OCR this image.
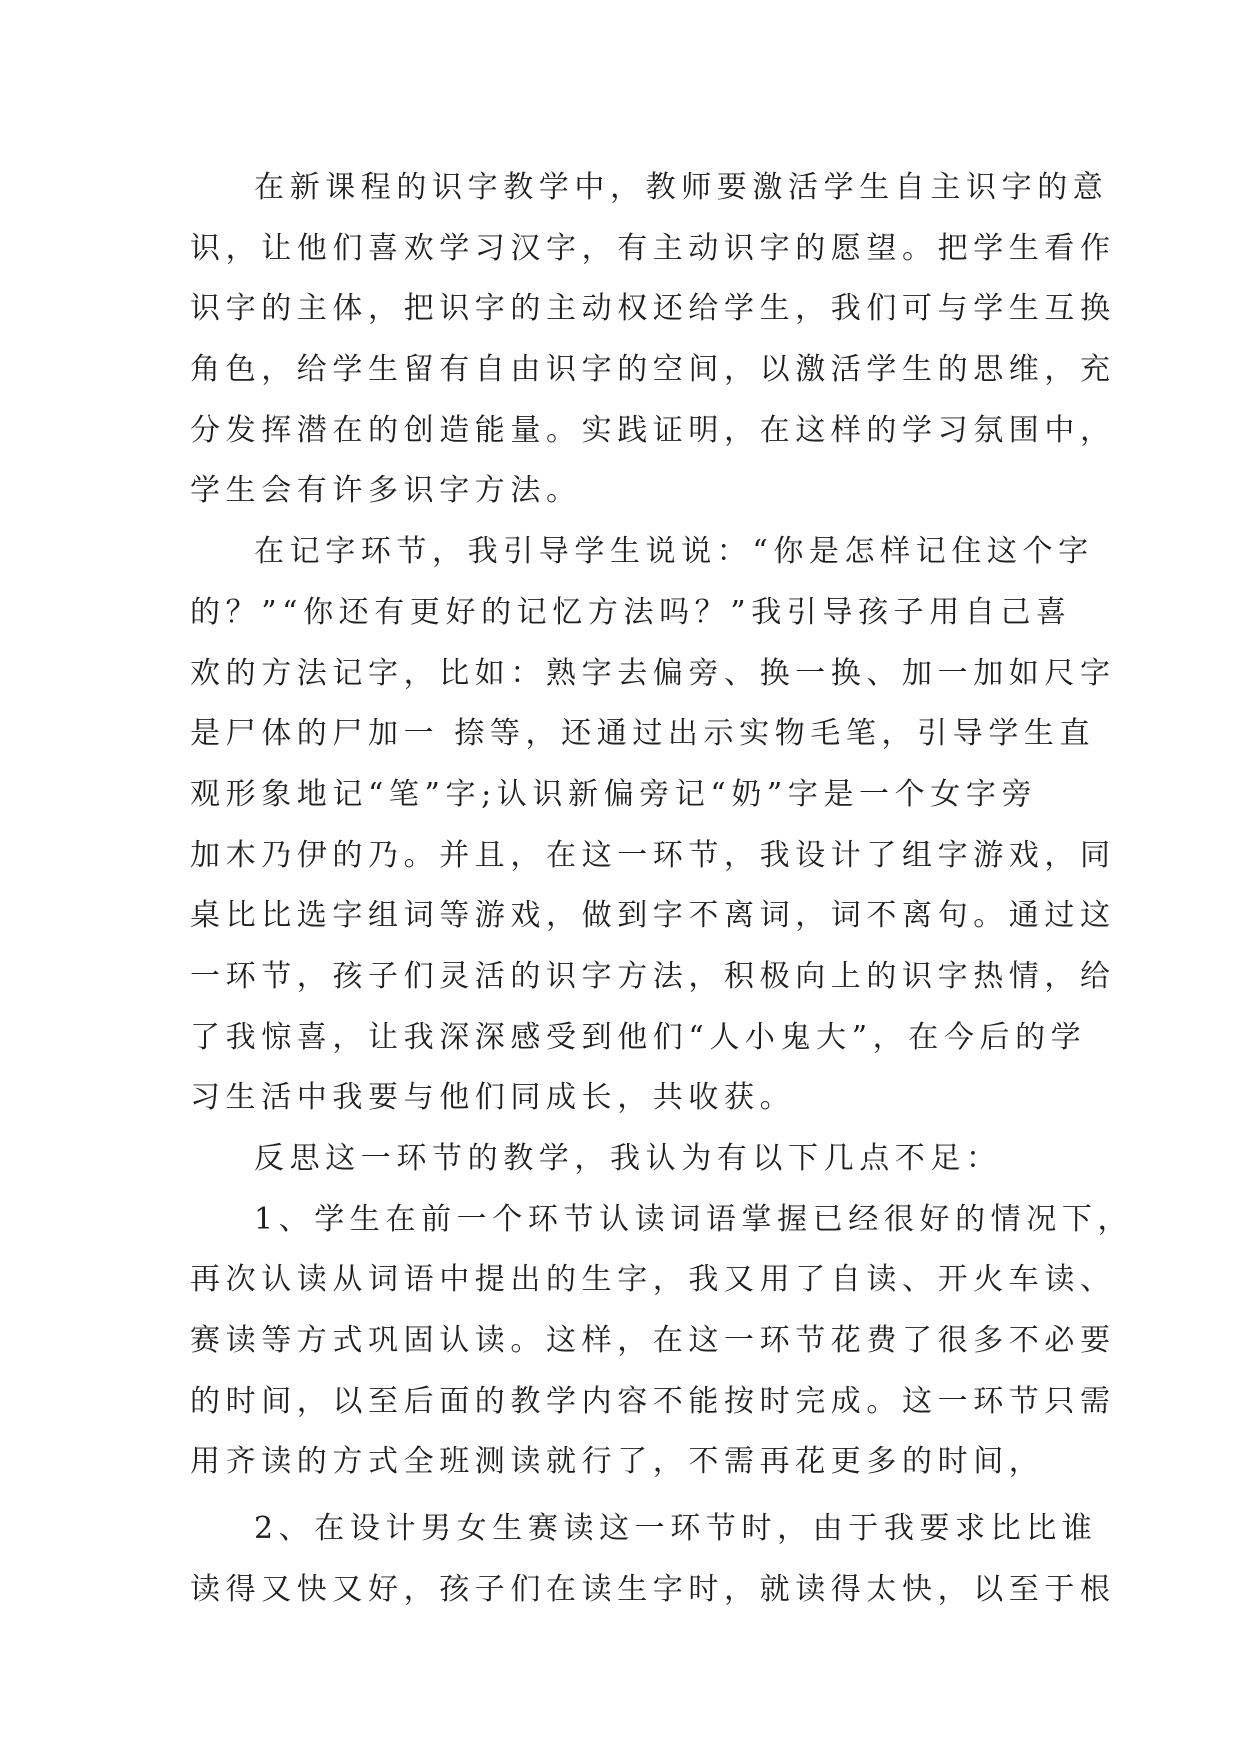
在新课程的识字教学中，教师要激活学生自主识字的意
识，让他们喜欢学习汉字，有主动识字的愿望。把学生看作
识字的主体，把识字的主动权还给学生，我们可与学生互换
角色，给学生留有自由识字的空间，以激活学生的思维，充
分发挥潜在的创造能量。实践证明，在这样的学习氛围中，
学生会有许多识字方法。
在记字环节，我引导学生说说：“你是怎样记住这个字
的？”“你还有更好的记忆方法吗？”我引导孩子用自己喜
欢的方法记字，比如：熟字去偏旁、换一换、加一加如尺字
是尸体的尸加一 捺等，还通过出示实物毛笔，引导学生直
观形象地记“笔”字;认识新偏旁记“奶”字是一个女字旁
加木乃伊的乃。并且，在这一环节，我设计了组字游戏，同
桌比比选字组词等游戏，做到字不离词，词不离句。通过这
一环节，孩子们灵活的识字方法，积极向上的识字热情，给
了我惊喜，让我深深感受到他们“人小鬼大”，在今后的学
习生活中我要与他们同成长，共收获。
反思这一环节的教学，我认为有以下几点不足：
1、学生在前一个环节认读词语掌握已经很好的情况下，
再次认读从词语中提出的生字，我又用了自读、开火车读、
赛读等方式巩固认读。这样，在这一环节花费了很多不必要
的时间，以至后面的教学内容不能按时完成。这一环节只需
用齐读的方式全班测读就行了，不需再花更多的时间，
2、在设计男女生赛读这一环节时，由于我要求比比谁
读得又快又好，孩子们在读生字时，就读得太快，以至于根
